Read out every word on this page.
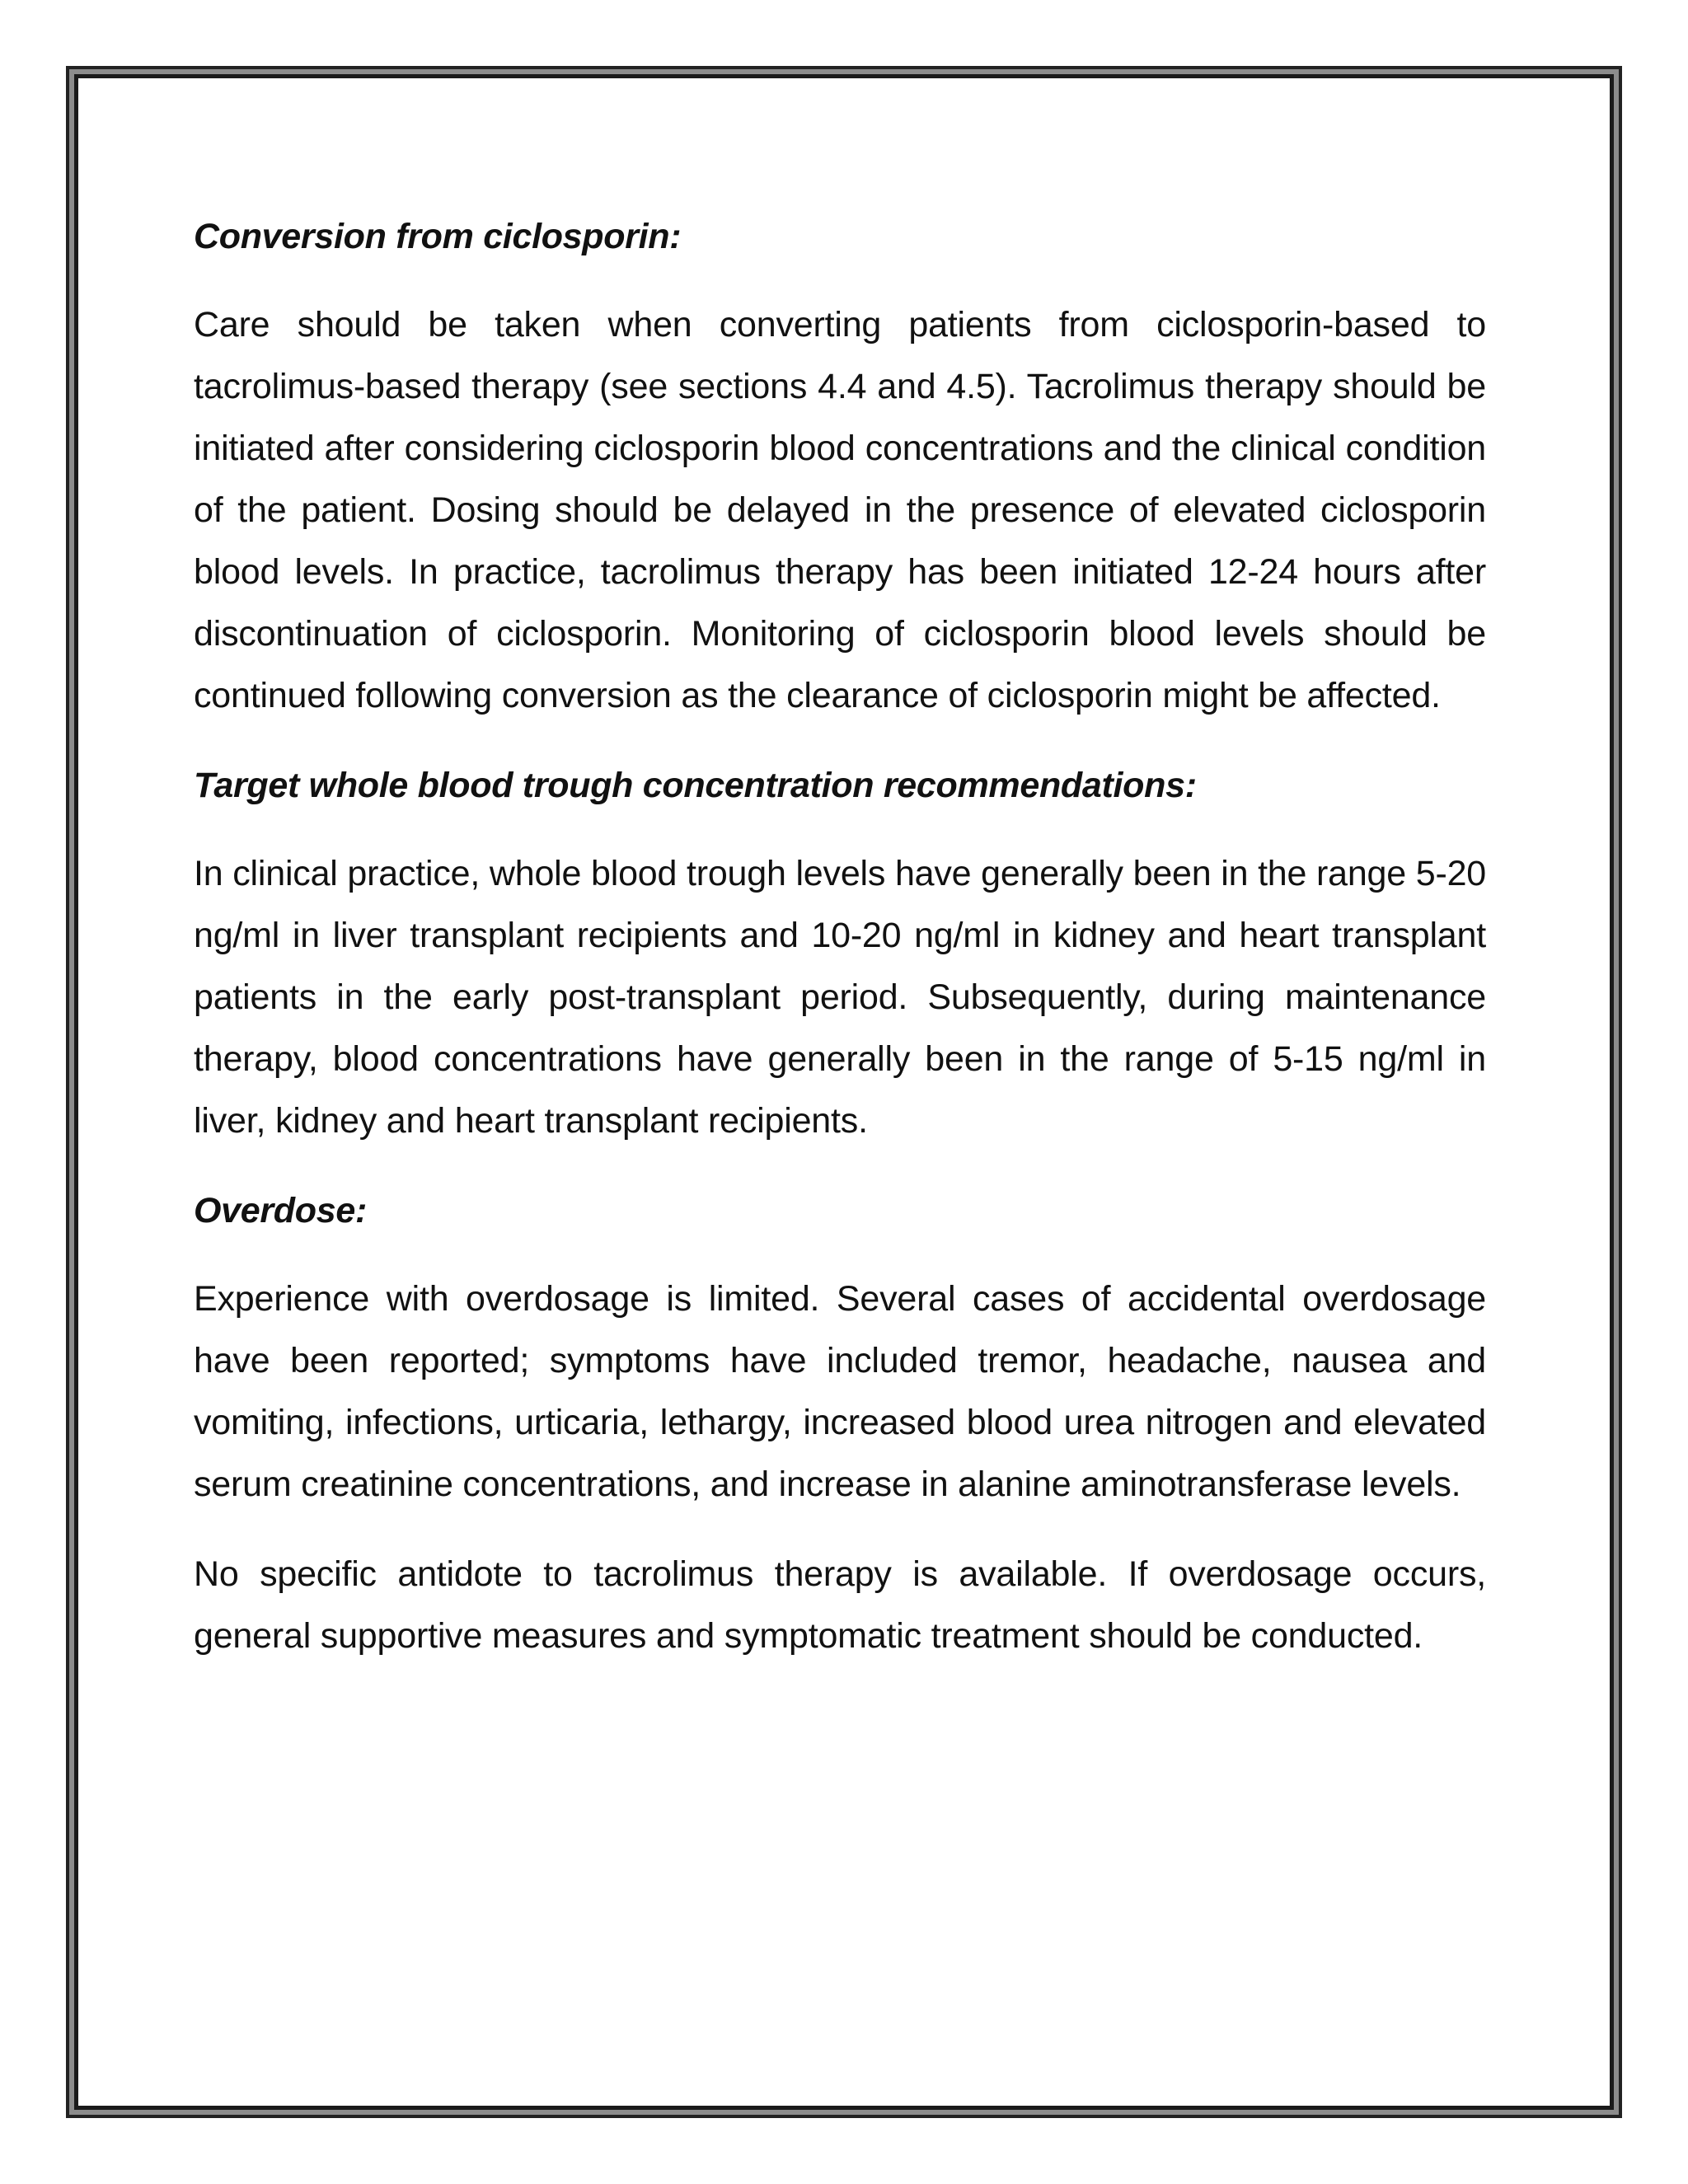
Conversion from ciclosporin:
Care should be taken when converting patients from ciclosporin-based to tacrolimus-based therapy (see sections 4.4 and 4.5). Tacrolimus therapy should be initiated after considering ciclosporin blood concentrations and the clinical condition of the patient. Dosing should be delayed in the presence of elevated ciclosporin blood levels. In practice, tacrolimus therapy has been initiated 12-24 hours after discontinuation of ciclosporin. Monitoring of ciclosporin blood levels should be continued following conversion as the clearance of ciclosporin might be affected.
Target whole blood trough concentration recommendations:
In clinical practice, whole blood trough levels have generally been in the range 5-20 ng/ml in liver transplant recipients and 10-20 ng/ml in kidney and heart transplant patients in the early post-transplant period. Subsequently, during maintenance therapy, blood concentrations have generally been in the range of 5-15 ng/ml in liver, kidney and heart transplant recipients.
Overdose:
Experience with overdosage is limited. Several cases of accidental overdosage have been reported; symptoms have included tremor, headache, nausea and vomiting, infections, urticaria, lethargy, increased blood urea nitrogen and elevated serum creatinine concentrations, and increase in alanine aminotransferase levels.
No specific antidote to tacrolimus therapy is available. If overdosage occurs, general supportive measures and symptomatic treatment should be conducted.
